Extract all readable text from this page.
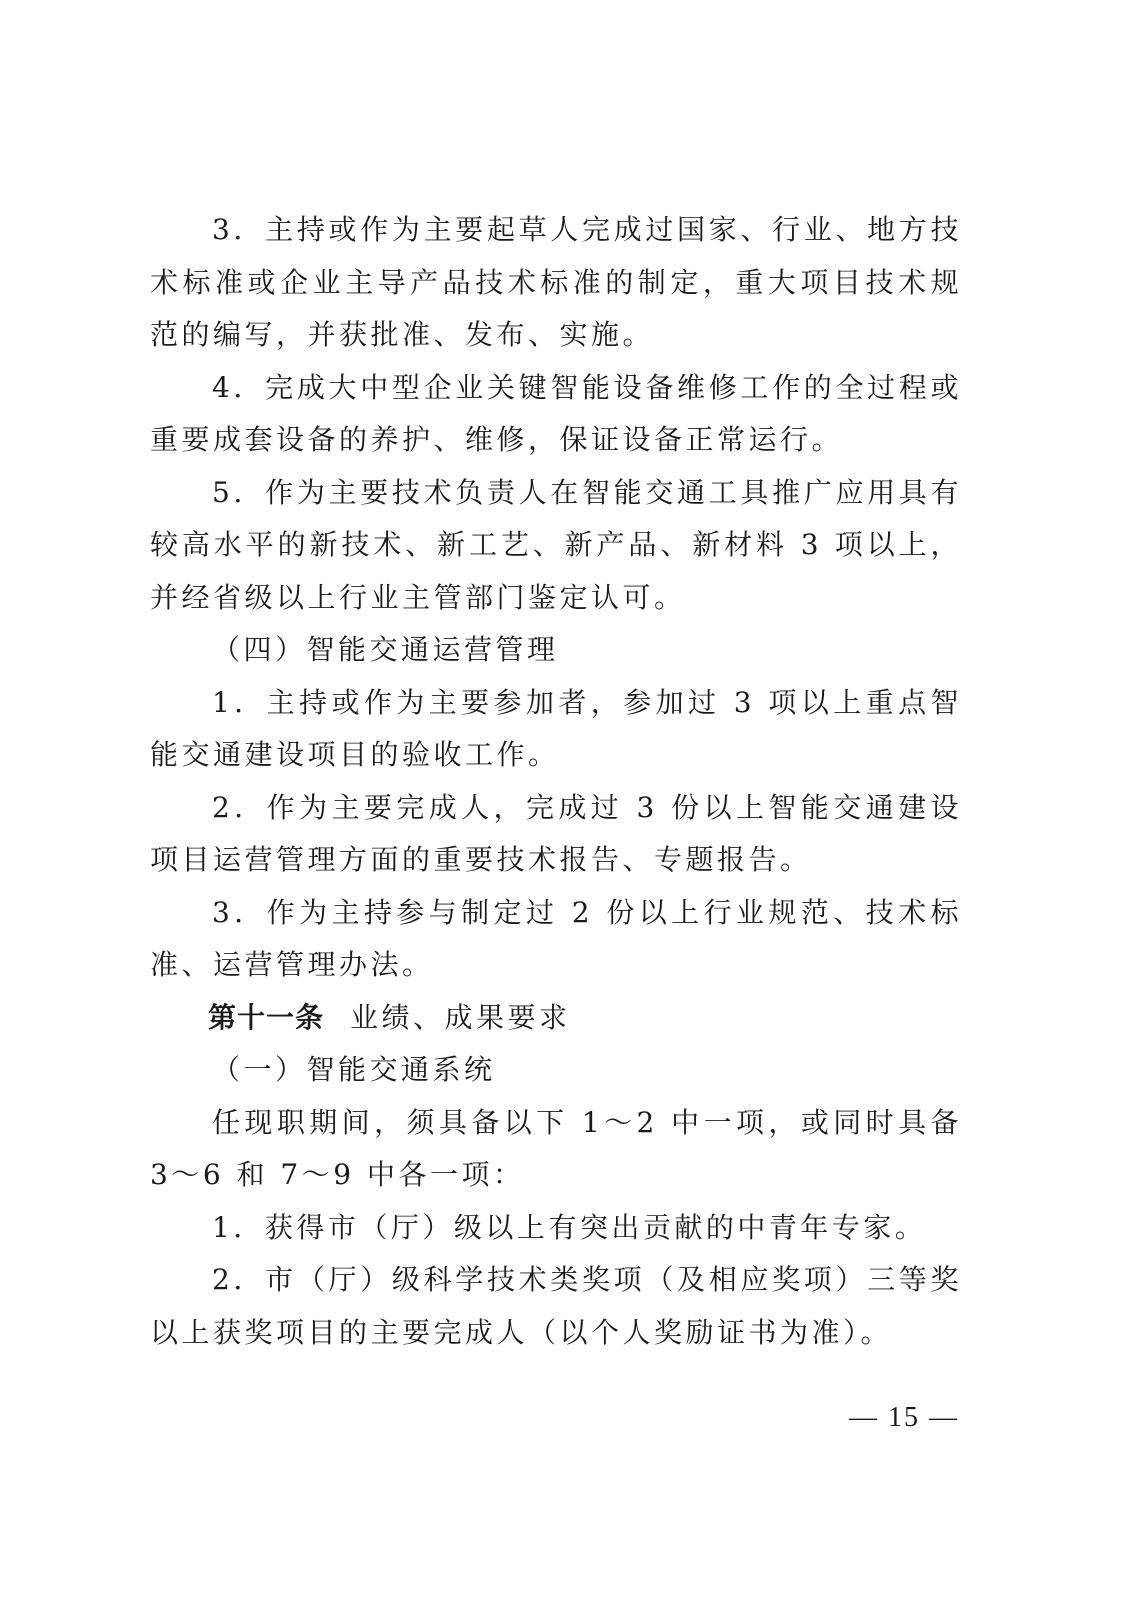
3．主持或作为主要起草人完成过国家、行业、地方技术标准或企业主导产品技术标准的制定，重大项目技术规范的编写，并获批准、发布、实施。

4．完成大中型企业关键智能设备维修工作的全过程或重要成套设备的养护、维修，保证设备正常运行。

5．作为主要技术负责人在智能交通工具推广应用具有较高水平的新技术、新工艺、新产品、新材料 3 项以上，并经省级以上行业主管部门鉴定认可。

（四）智能交通运营管理

1．主持或作为主要参加者，参加过 3 项以上重点智能交通建设项目的验收工作。

2．作为主要完成人，完成过 3 份以上智能交通建设项目运营管理方面的重要技术报告、专题报告。

3．作为主持参与制定过 2 份以上行业规范、技术标准、运营管理办法。

第十一条 业绩、成果要求

（一）智能交通系统

任现职期间，须具备以下 1～2 中一项，或同时具备 3～6 和 7～9 中各一项：

1．获得市（厅）级以上有突出贡献的中青年专家。

2．市（厅）级科学技术类奖项（及相应奖项）三等奖以上获奖项目的主要完成人（以个人奖励证书为准）。

— 15 —
